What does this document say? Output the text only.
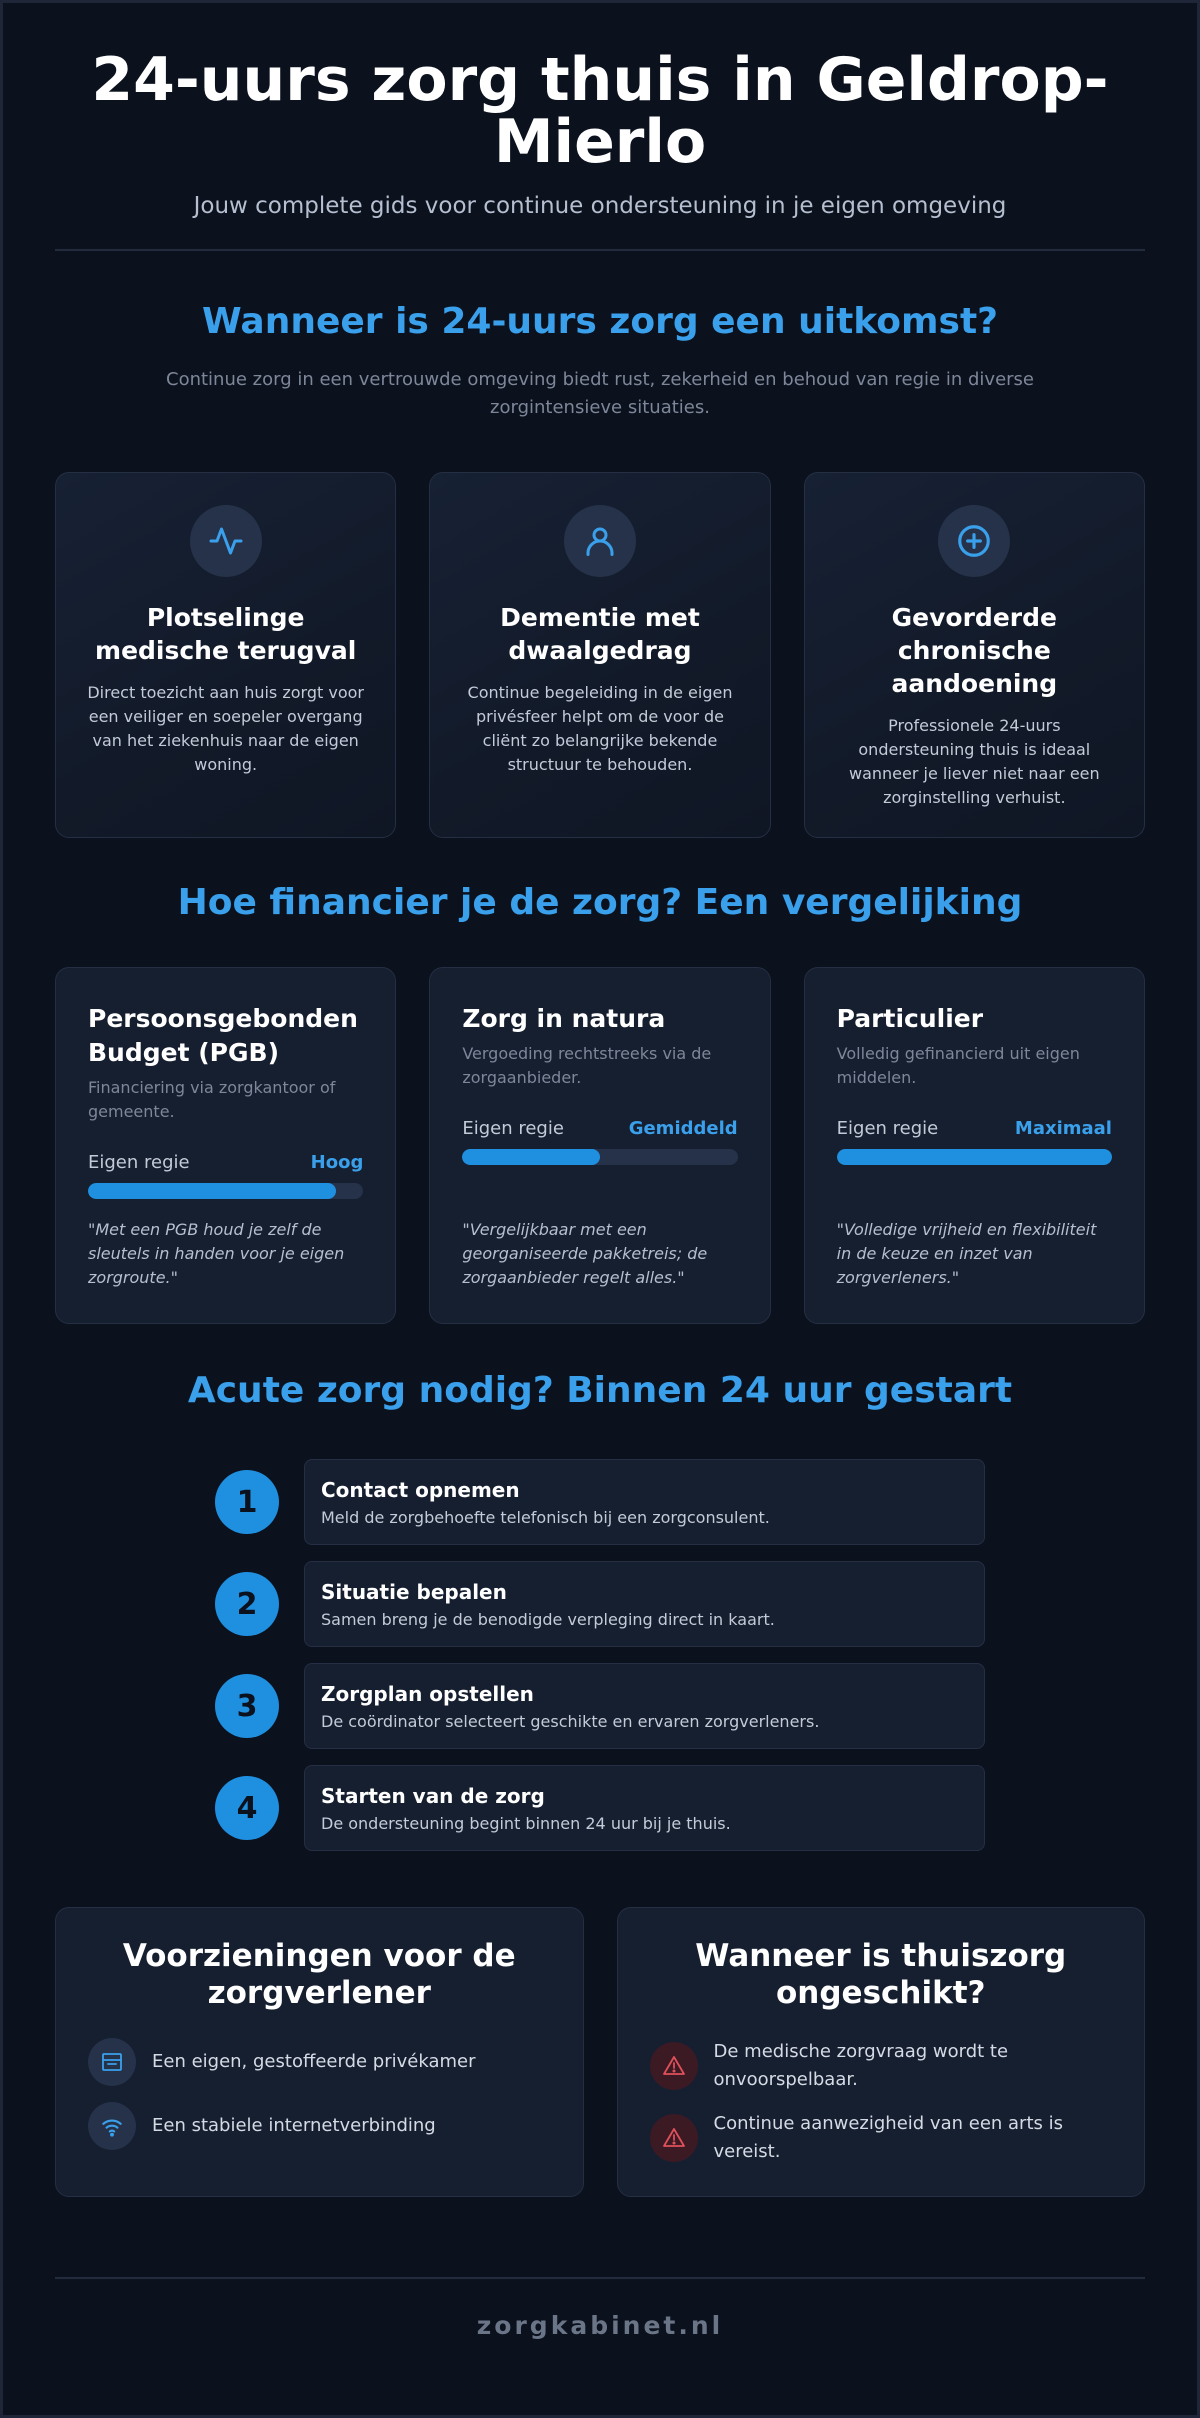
24-uurs zorg thuis in Geldrop-Mierlo
Jouw complete gids voor continue ondersteuning in je eigen omgeving
Wanneer is 24-uurs zorg een uitkomst?

Continue zorg in een vertrouwde omgeving biedt rust, zekerheid en behoud van regie in diverse zorgintensieve situaties.

Plotselinge medische terugval

Direct toezicht aan huis zorgt voor een veiliger en soepeler overgang van het ziekenhuis naar de eigen woning.

Dementie met dwaalgedrag

Continue begeleiding in de eigen privésfeer helpt om de voor de cliënt zo belangrijke bekende structuur te behouden.

Gevorderde chronische aandoening

Professionele 24-uurs ondersteuning thuis is ideaal wanneer je liever niet naar een zorginstelling verhuist.

Hoe financier je de zorg? Een vergelijking
Persoonsgebonden Budget (PGB)
Financiering via zorgkantoor of gemeente.
Eigen regie	Hoog

"Met een PGB houd je zelf de sleutels in handen voor je eigen zorgroute."

Zorg in natura
Vergoeding rechtstreeks via de zorgaanbieder.
Eigen regie	Gemiddeld

"Vergelijkbaar met een georganiseerde pakketreis; de zorgaanbieder regelt alles."

Particulier
Volledig gefinancierd uit eigen middelen.
Eigen regie	Maximaal

"Volledige vrijheid en flexibiliteit in de keuze en inzet van zorgverleners."

Acute zorg nodig? Binnen 24 uur gestart
1	Contact opnemen
Meld de zorgbehoefte telefonisch bij een zorgconsulent.
2	Situatie bepalen
Samen breng je de benodigde verpleging direct in kaart.
3	Zorgplan opstellen
De coördinator selecteert geschikte en ervaren zorgverleners.
4	Starten van de zorg
De ondersteuning begint binnen 24 uur bij je thuis.
Voorzieningen voor de zorgverlener
Een eigen, gestoffeerde privékamer
Een stabiele internetverbinding
Wanneer is thuiszorg ongeschikt?
De medische zorgvraag wordt te onvoorspelbaar.
Continue aanwezigheid van een arts is vereist.
zorgkabinet.nl
